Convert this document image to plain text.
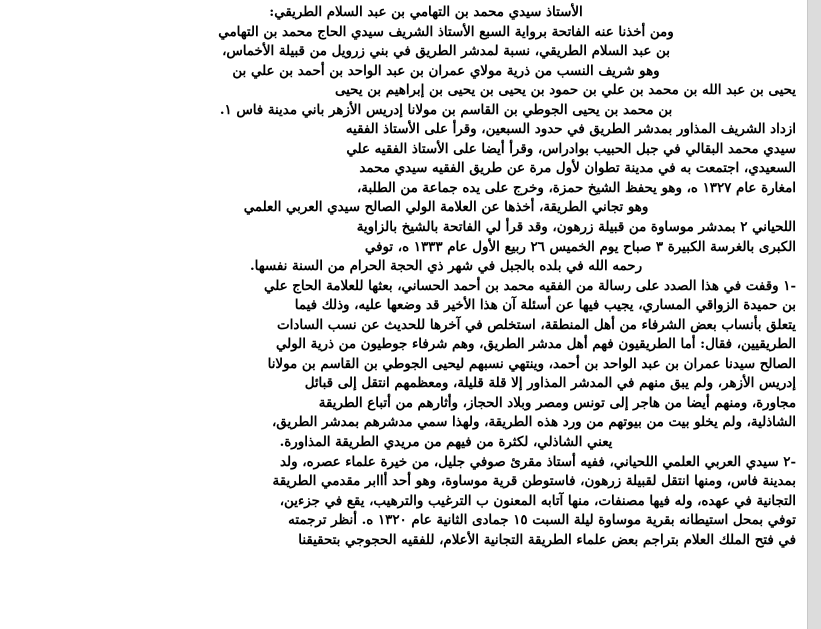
الأستاذ سيدي محمد بن التهامي بن عبد السلام الطريقي:

ومن أخذنا عنه الفاتحة برواية السبع الأستاذ الشريف سيدي الحاج محمد بن التهامي

بن عبد السلام الطريقي، نسبة لمدشر الطريق في بني زرويل من قبيلة الأخماس،

وهو شريف النسب من ذرية مولاي عمران بن عبد الواحد بن أحمد بن علي بن

يحيى بن عبد الله بن محمد بن علي بن حمود بن يحيى بن يحيى بن إبراهيم بن يحيى

بن محمد بن يحيى الجوطي بن القاسم بن مولانا إدريس الأزهر باني مدينة فاس ١.

ازداد الشريف المذاور بمدشر الطريق في حدود السبعين، وقرأ على الأستاذ الفقيه

سيدي محمد البقالي في جبل الحبيب بوادراس، وقرأ أيضا على الأستاذ الفقيه علي

السعيدي، اجتمعت به في مدينة تطوان لأول مرة عن طريق الفقيه سيدي محمد

امغارة عام ١٣٢٧ ه، وهو يحفظ الشيخ حمزة، وخرج على يده جماعة من الطلبة،

وهو تجاني الطريقة، أخذها عن العلامة الولي الصالح سيدي العربي العلمي

اللحياني ٢ بمدشر موساوة من قبيلة زرهون، وقد قرأ لي الفاتحة بالشيخ بالزاوية

الكبرى بالغرسة الكبيرة ٣ صباح يوم الخميس ٢٦ ربيع الأول عام ١٣٣٣ ه، توفي

رحمه الله في بلده بالجبل في شهر ذي الحجة الحرام من السنة نفسها.

-١ وقفت في هذا الصدد على رسالة من الفقيه محمد بن أحمد الحساني، بعثها للعلامة الحاج علي

بن حميدة الزواقي المساري، يجيب فيها عن أسئلة آن هذا الأخير قد وضعها عليه، وذلك فيما

يتعلق بأنساب بعض الشرفاء من أهل المنطقة، استخلص في آخرها للحديث عن نسب السادات

الطريقيين، فقال: أما الطريقيون فهم أهل مدشر الطريق، وهم شرفاء جوطيون من ذرية الولي

الصالح سيدنا عمران بن عبد الواحد بن أحمد، وينتهي نسبهم ليحيى الجوطي بن القاسم بن مولانا

إدريس الأزهر، ولم يبق منهم في المدشر المذاور إلا قلة قليلة، ومعظمهم انتقل إلى قبائل

مجاورة، ومنهم أيضا من هاجر إلى تونس ومصر وبلاد الحجاز، وأثارهم من أتباع الطريقة

الشاذلية، ولم يخلو بيت من بيوتهم من ورد هذه الطريقة، ولهذا سمي مدشرهم بمدشر الطريق،

يعني الشاذلي، لكثرة من فيهم من مريدي الطريقة المذاورة.

-٢ سيدي العربي العلمي اللحياني، ففيه أستاذ مقرئ صوفي جليل، من خيرة علماء عصره، ولد

بمدينة فاس، ومنها انتقل لقبيلة زرهون، فاستوطن قرية موساوة، وهو أحد أاابر مقدمي الطريقة

التجانية في عهده، وله فيها مصنفات، منها آتابه المعنون ب الترغيب والترهيب، يقع في جزءين،

توفي بمحل استيطانه بقرية موساوة ليلة السبت ١٥ جمادى الثانية عام ١٣٢٠ ه. أنظر ترجمته

في فتح الملك العلام بتراجم بعض علماء الطريقة التجانية الأعلام، للفقيه الحجوجي بتحقيقنا
